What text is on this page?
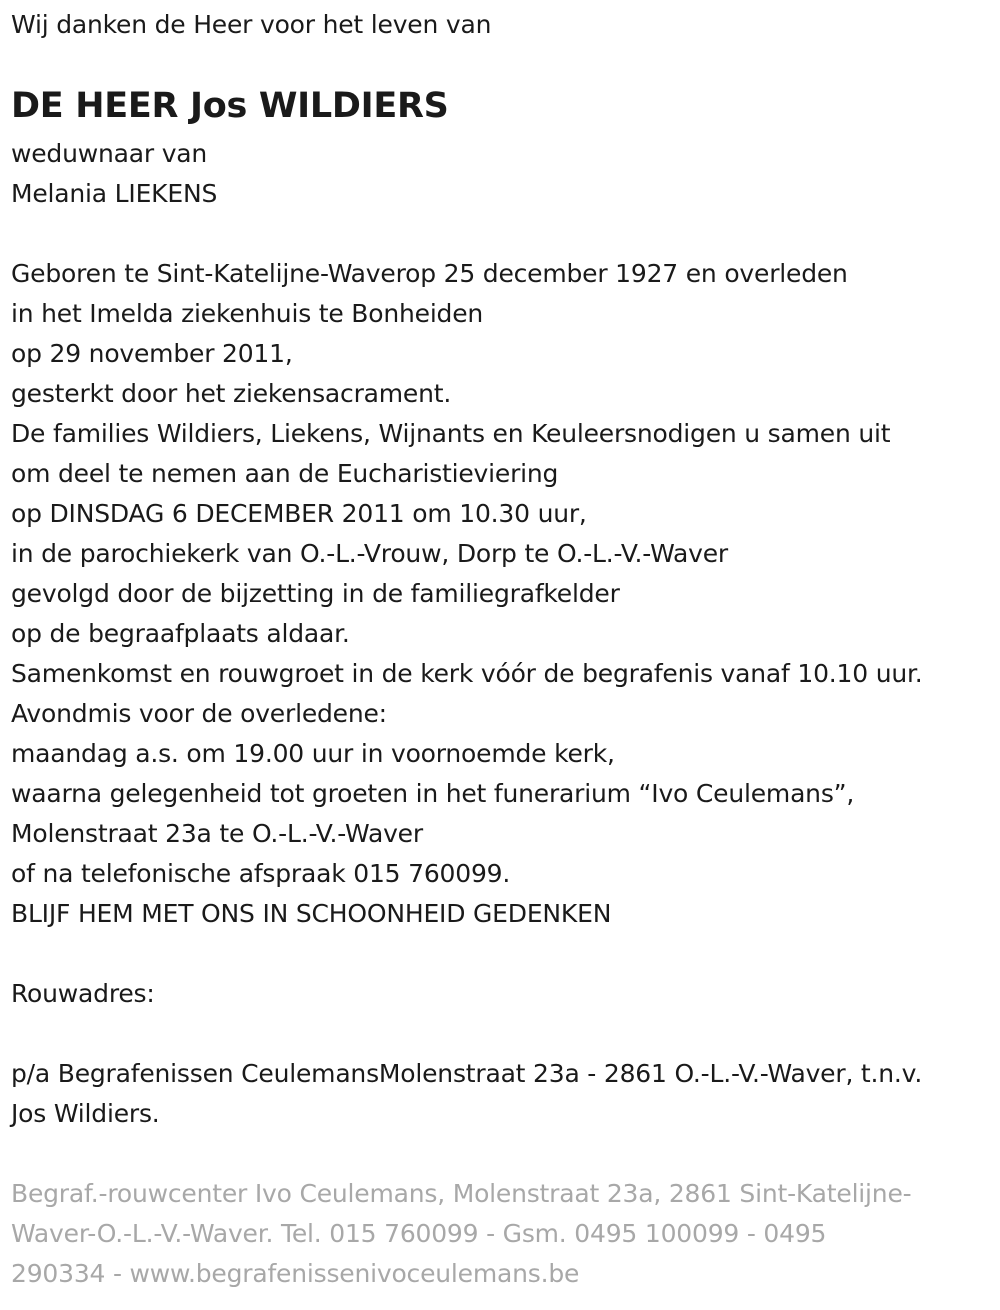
Wij danken de Heer voor het leven van
DE HEER Jos WILDIERS
weduwnaar van
Melania LIEKENS
Geboren te Sint-Katelijne-Waverop 25 december 1927 en overleden
in het Imelda ziekenhuis te Bonheiden
op 29 november 2011,
gesterkt door het ziekensacrament.
De families Wildiers, Liekens, Wijnants en Keuleersnodigen u samen uit
om deel te nemen aan de Eucharistieviering
op DINSDAG 6 DECEMBER 2011 om 10.30 uur,
in de parochiekerk van O.-L.-Vrouw, Dorp te O.-L.-V.-Waver
gevolgd door de bijzetting in de familiegrafkelder
op de begraafplaats aldaar.
Samenkomst en rouwgroet in de kerk vóór de begrafenis vanaf 10.10 uur.
Avondmis voor de overledene:
maandag a.s. om 19.00 uur in voornoemde kerk,
waarna gelegenheid tot groeten in het funerarium “Ivo Ceulemans”,
Molenstraat 23a te O.-L.-V.-Waver
of na telefonische afspraak 015 760099.
BLIJF HEM MET ONS IN SCHOONHEID GEDENKEN
Rouwadres:
p/a Begrafenissen CeulemansMolenstraat 23a - 2861 O.-L.-V.-Waver, t.n.v.
Jos Wildiers.
Begraf.-rouwcenter Ivo Ceulemans, Molenstraat 23a, 2861 Sint-Katelijne-
Waver-O.-L.-V.-Waver. Tel. 015 760099 - Gsm. 0495 100099 - 0495
290334 - www.begrafenissenivoceulemans.be
